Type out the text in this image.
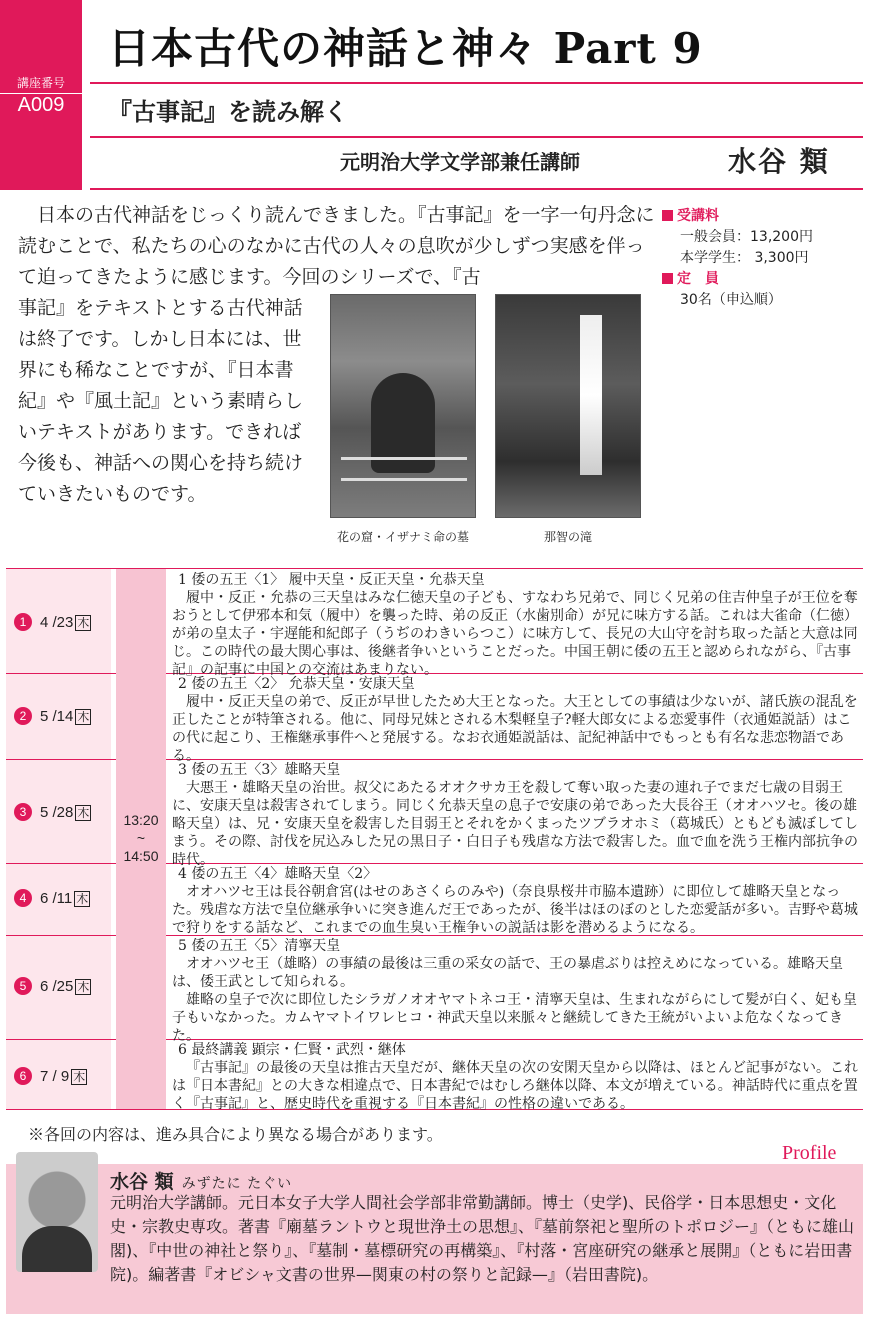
講座番号
A009
日本古代の神話と神々 Part 9
『古事記』を読み解く
元明治大学文学部兼任講師	水谷 類
日本の古代神話をじっくり読んできました。『古事記』を一字一句丹念に読むことで、私たちの心のなかに古代の人々の息吹が少しずつ実感を伴って迫ってきたように感じます。今回のシリーズで、『古
事記』をテキストとする古代神話は終了です。しかし日本には、世界にも稀なことですが、『日本書紀』や『風土記』という素晴らしいテキストがあります。できれば今後も、神話への関心を持ち続けていきたいものです。
花の窟・イザナミ命の墓	那智の滝
受講料
一般会員：13,200円
本学学生： 3,300円
定　員
30名（申込順）
13:20
~
14:50
1 4 /23 木
1 倭の五王〈1〉 履中天皇・反正天皇・允恭天皇

履中・反正・允恭の三天皇はみな仁徳天皇の子ども、すなわち兄弟で、同じく兄弟の住吉仲皇子が王位を奪おうとして伊邪本和気（履中）を襲った時、弟の反正（水歯別命）が兄に味方する話。これは大雀命（仁徳）が弟の皇太子・宇遅能和紀郎子（うぢのわきいらつこ）に味方して、長兄の大山守を討ち取った話と大意は同じ。この時代の最大関心事は、後継者争いということだった。中国王朝に倭の五王と認められながら、『古事記』の記事に中国との交流はあまりない。

2 5 /14 木
2 倭の五王〈2〉 允恭天皇・安康天皇

履中・反正天皇の弟で、反正が早世したため大王となった。大王としての事績は少ないが、諸氏族の混乱を正したことが特筆される。他に、同母兄妹とされる木梨軽皇子?軽大郎女による恋愛事件（衣通姫説話）はこの代に起こり、王権継承事件へと発展する。なお衣通姫説話は、記紀神話中でもっとも有名な悲恋物語である。

3 5 /28 木
3 倭の五王〈3〉雄略天皇

大悪王・雄略天皇の治世。叔父にあたるオオクサカ王を殺して奪い取った妻の連れ子でまだ七歳の目弱王に、安康天皇は殺害されてしまう。同じく允恭天皇の息子で安康の弟であった大長谷王（オオハツセ。後の雄略天皇）は、兄・安康天皇を殺害した目弱王とそれをかくまったツブラオホミ（葛城氏）ともども滅ぼしてしまう。その際、討伐を尻込みした兄の黒日子・白日子も残虐な方法で殺害した。血で血を洗う王権内部抗争の時代。

4 6 /11 木
4 倭の五王〈4〉雄略天皇〈2〉

オオハツセ王は長谷朝倉宮(はせのあさくらのみや)（奈良県桜井市脇本遺跡）に即位して雄略天皇となった。残虐な方法で皇位継承争いに突き進んだ王であったが、後半はほのぼのとした恋愛話が多い。吉野や葛城で狩りをする話など、これまでの血生臭い王権争いの説話は影を潜めるようになる。

5 6 /25 木
5 倭の五王〈5〉清寧天皇

オオハツセ王（雄略）の事績の最後は三重の采女の話で、王の暴虐ぶりは控えめになっている。雄略天皇は、倭王武として知られる。

雄略の皇子で次に即位したシラガノオオヤマトネコ王・清寧天皇は、生まれながらにして髪が白く、妃も皇子もいなかった。カムヤマトイワレヒコ・神武天皇以来脈々と継続してきた王統がいよいよ危なくなってきた。

6 7 / 9 木
6 最終講義 顕宗・仁賢・武烈・継体

『古事記』の最後の天皇は推古天皇だが、継体天皇の次の安閑天皇から以降は、ほとんど記事がない。これは『日本書紀』との大きな相違点で、日本書紀ではむしろ継体以降、本文が増えている。神話時代に重点を置く『古事記』と、歴史時代を重視する『日本書紀』の性格の違いである。

※各回の内容は、進み具合により異なる場合があります。
Profile
水谷 類 みずたに たぐい
元明治大学講師。元日本女子大学人間社会学部非常勤講師。博士（史学)、民俗学・日本思想史・文化史・宗教史専攻。著書『廟墓ラントウと現世浄土の思想』、『墓前祭祀と聖所のトポロジー』（ともに雄山閣)、『中世の神社と祭り』、『墓制・墓標研究の再構築』、『村落・宮座研究の継承と展開』（ともに岩田書院)。編著書『オビシャ文書の世界—関東の村の祭りと記録—』（岩田書院)。
